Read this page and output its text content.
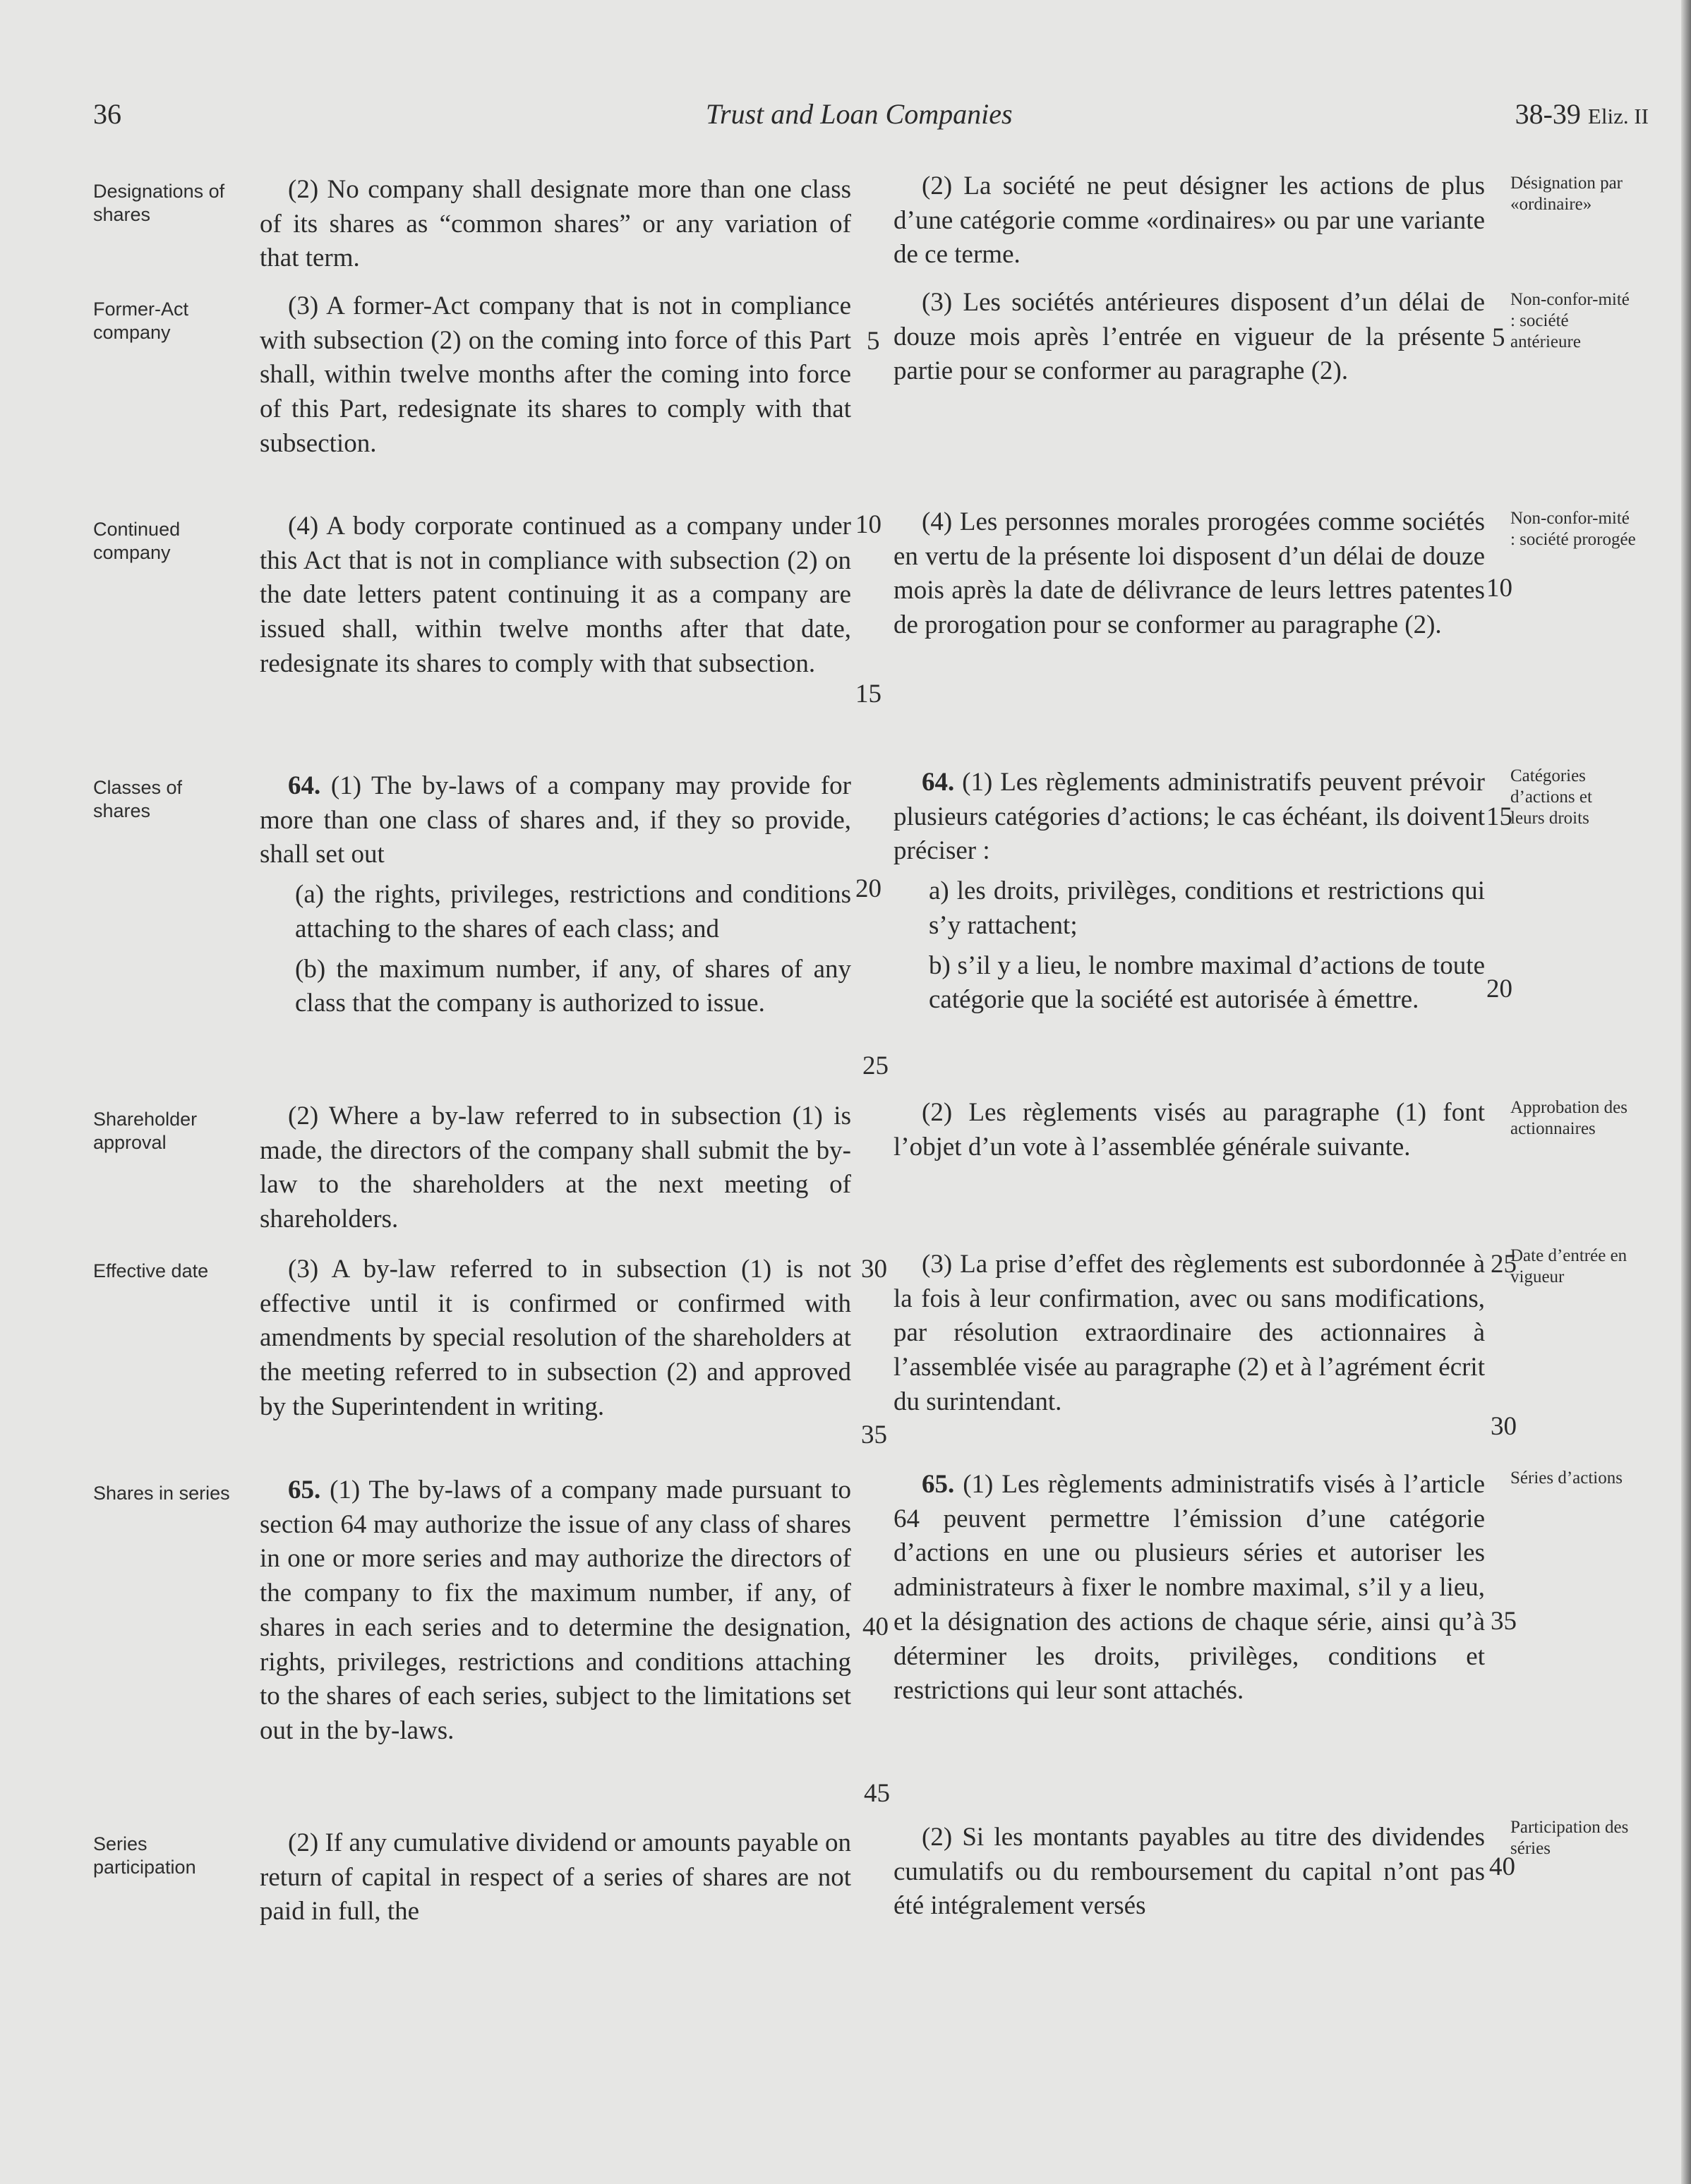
36	Trust and Loan Companies	38-39 Eliz. II
Designations of shares
Former-Act company
Continued company
Classes of shares
Shareholder approval
Effective date
Shares in series
Series participation
Désignation par «ordinaire»
Non-confor-mité : société antérieure
Non-confor-mité : société prorogée
Catégories d’actions et leurs droits
Approbation des actionnaires
Date d’entrée en vigueur
Séries d’actions
Participation des séries

(2) No company shall designate more than one class of its shares as “common shares” or any variation of that term.

(3) A former-Act company that is not in compliance with subsection (2) on the coming into force of this Part shall, within twelve months after the coming into force of this Part, redesignate its shares to comply with that subsection.

(4) A body corporate continued as a company under this Act that is not in compliance with subsection (2) on the date letters patent continuing it as a company are issued shall, within twelve months after that date, redesignate its shares to comply with that subsection.

64. (1) The by-laws of a company may provide for more than one class of shares and, if they so provide, shall set out

(a) the rights, privileges, restrictions and conditions attaching to the shares of each class; and

(b) the maximum number, if any, of shares of any class that the company is authorized to issue.

(2) Where a by-law referred to in subsection (1) is made, the directors of the company shall submit the by-law to the shareholders at the next meeting of shareholders.

(3) A by-law referred to in subsection (1) is not effective until it is confirmed or confirmed with amendments by special resolution of the shareholders at the meeting referred to in subsection (2) and approved by the Superintendent in writing.

65. (1) The by-laws of a company made pursuant to section 64 may authorize the issue of any class of shares in one or more series and may authorize the directors of the company to fix the maximum number, if any, of shares in each series and to determine the designation, rights, privileges, restrictions and conditions attaching to the shares of each series, subject to the limitations set out in the by-laws.

(2) If any cumulative dividend or amounts payable on return of capital in respect of a series of shares are not paid in full, the

(2) La société ne peut désigner les actions de plus d’une catégorie comme «ordinaires» ou par une variante de ce terme.

(3) Les sociétés antérieures disposent d’un délai de douze mois après l’entrée en vigueur de la présente partie pour se conformer au paragraphe (2).

(4) Les personnes morales prorogées comme sociétés en vertu de la présente loi disposent d’un délai de douze mois après la date de délivrance de leurs lettres patentes de prorogation pour se conformer au paragraphe (2).

64. (1) Les règlements administratifs peuvent prévoir plusieurs catégories d’actions; le cas échéant, ils doivent préciser :

a) les droits, privilèges, conditions et restrictions qui s’y rattachent;

b) s’il y a lieu, le nombre maximal d’actions de toute catégorie que la société est autorisée à émettre.

(2) Les règlements visés au paragraphe (1) font l’objet d’un vote à l’assemblée générale suivante.

(3) La prise d’effet des règlements est subordonnée à la fois à leur confirmation, avec ou sans modifications, par résolution extraordinaire des actionnaires à l’assemblée visée au paragraphe (2) et à l’agrément écrit du surintendant.

65. (1) Les règlements administratifs visés à l’article 64 peuvent permettre l’émission d’une catégorie d’actions en une ou plusieurs séries et autoriser les administrateurs à fixer le nombre maximal, s’il y a lieu, et la désignation des actions de chaque série, ainsi qu’à déterminer les droits, privilèges, conditions et restrictions qui leur sont attachés.

(2) Si les montants payables au titre des dividendes cumulatifs ou du remboursement du capital n’ont pas été intégralement versés

5
10
15
20
25
30
35
40
45
5
10
15
20
25
30
35
40
